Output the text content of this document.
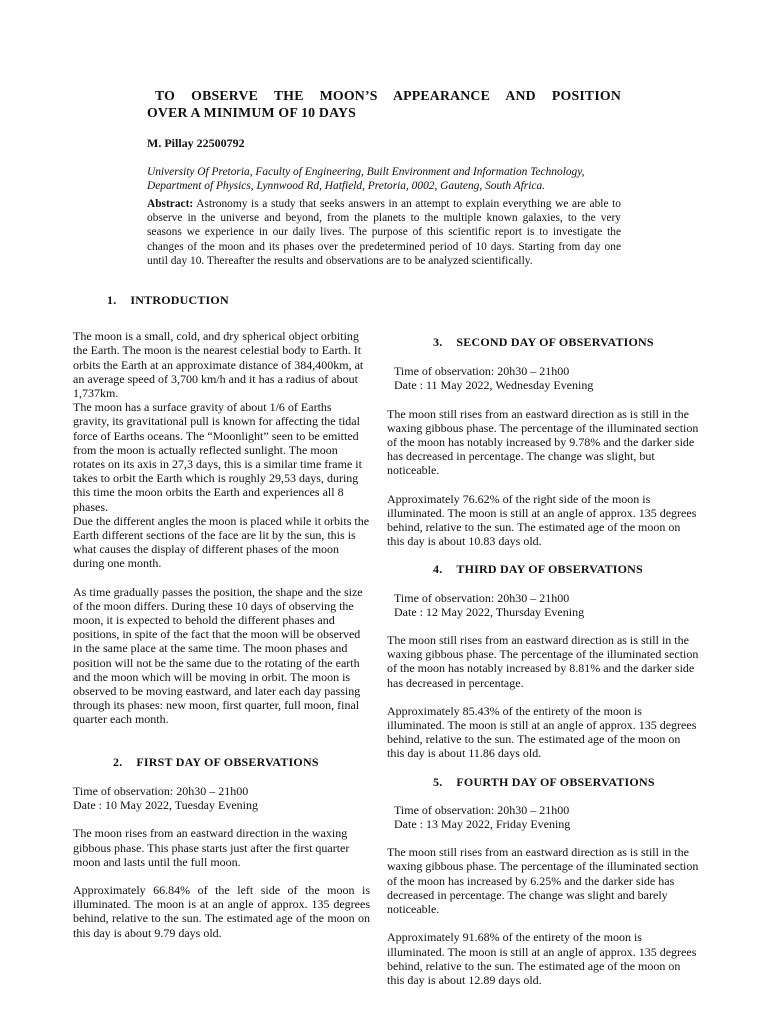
TO OBSERVE THE MOON’S APPEARANCE AND POSITION
OVER A MINIMUM OF 10 DAYS

M. Pillay 22500792

University Of Pretoria, Faculty of Engineering, Built Environment and Information Technology, Department of Physics, Lynnwood Rd, Hatfield, Pretoria, 0002, Gauteng, South Africa.

Abstract: Astronomy is a study that seeks answers in an attempt to explain everything we are able to observe in the universe and beyond, from the planets to the multiple known galaxies, to the very seasons we experience in our daily lives. The purpose of this scientific report is to investigate the changes of the moon and its phases over the predetermined period of 10 days. Starting from day one until day 10. Thereafter the results and observations are to be analyzed scientifically.

1. INTRODUCTION

The moon is a small, cold, and dry spherical object orbiting the Earth. The moon is the nearest celestial body to Earth. It orbits the Earth at an approximate distance of 384,400km, at an average speed of 3,700 km/h and it has a radius of about 1,737km.

The moon has a surface gravity of about 1/6 of Earths gravity, its gravitational pull is known for affecting the tidal force of Earths oceans. The “Moonlight” seen to be emitted from the moon is actually reflected sunlight. The moon rotates on its axis in 27,3 days, this is a similar time frame it takes to orbit the Earth which is roughly 29,53 days, during this time the moon orbits the Earth and experiences all 8 phases.

Due the different angles the moon is placed while it orbits the Earth different sections of the face are lit by the sun, this is what causes the display of different phases of the moon during one month.

As time gradually passes the position, the shape and the size of the moon differs. During these 10 days of observing the moon, it is expected to behold the different phases and positions, in spite of the fact that the moon will be observed in the same place at the same time. The moon phases and position will not be the same due to the rotating of the earth and the moon which will be moving in orbit. The moon is observed to be moving eastward, and later each day passing through its phases: new moon, first quarter, full moon, final quarter each month.

2. FIRST DAY OF OBSERVATIONS

Time of observation: 20h30 – 21h00

Date : 10 May 2022, Tuesday Evening

The moon rises from an eastward direction in the waxing gibbous phase. This phase starts just after the first quarter moon and lasts until the full moon.

Approximately 66.84% of the left side of the moon is illuminated. The moon is at an angle of approx. 135 degrees behind, relative to the sun. The estimated age of the moon on this day is about 9.79 days old.

3. SECOND DAY OF OBSERVATIONS

Time of observation: 20h30 – 21h00

Date : 11 May 2022, Wednesday Evening

The moon still rises from an eastward direction as is still in the waxing gibbous phase. The percentage of the illuminated section of the moon has notably increased by 9.78% and the darker side has decreased in percentage. The change was slight, but noticeable.

Approximately 76.62% of the right side of the moon is illuminated. The moon is still at an angle of approx. 135 degrees behind, relative to the sun. The estimated age of the moon on this day is about 10.83 days old.

4. THIRD DAY OF OBSERVATIONS

Time of observation: 20h30 – 21h00

Date : 12 May 2022, Thursday Evening

The moon still rises from an eastward direction as is still in the waxing gibbous phase. The percentage of the illuminated section of the moon has notably increased by 8.81% and the darker side has decreased in percentage.

Approximately 85.43% of the entirety of the moon is illuminated. The moon is still at an angle of approx. 135 degrees behind, relative to the sun. The estimated age of the moon on this day is about 11.86 days old.

5. FOURTH DAY OF OBSERVATIONS

Time of observation: 20h30 – 21h00

Date : 13 May 2022, Friday Evening

The moon still rises from an eastward direction as is still in the waxing gibbous phase. The percentage of the illuminated section of the moon has increased by 6.25% and the darker side has decreased in percentage. The change was slight and barely noticeable.

Approximately 91.68% of the entirety of the moon is illuminated. The moon is still at an angle of approx. 135 degrees behind, relative to the sun. The estimated age of the moon on this day is about 12.89 days old.
